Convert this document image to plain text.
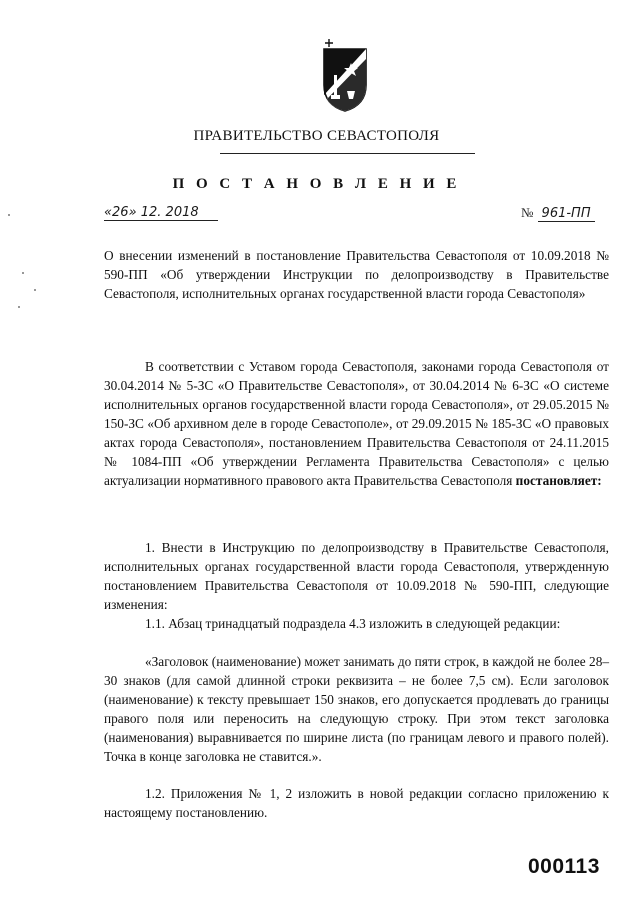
ПРАВИТЕЛЬСТВО СЕВАСТОПОЛЯ
П О С Т А Н О В Л Е Н И Е
«26» 12. 2018	№ 961-ПП
О внесении изменений в постановление Правительства Севастополя от 10.09.2018 № 590-ПП «Об утверждении Инструкции по делопроизводству в Правительстве Севастополя, исполнительных органах государственной власти города Севастополя»
В соответствии с Уставом города Севастополя, законами города Севастополя от 30.04.2014 № 5-ЗС «О Правительстве Севастополя», от 30.04.2014 № 6-ЗС «О системе исполнительных органов государственной власти города Севастополя», от 29.05.2015 № 150-ЗС «Об архивном деле в городе Севастополе», от 29.09.2015 № 185-ЗС «О правовых актах города Севастополя», постановлением Правительства Севастополя от 24.11.2015 № 1084-ПП «Об утверждении Регламента Правительства Севастополя» с целью актуализации нормативного правового акта Правительства Севастополя постановляет:
1. Внести в Инструкцию по делопроизводству в Правительстве Севастополя, исполнительных органах государственной власти города Севастополя, утвержденную постановлением Правительства Севастополя от 10.09.2018 № 590-ПП, следующие изменения:
1.1. Абзац тринадцатый подраздела 4.3 изложить в следующей редакции:
«Заголовок (наименование) может занимать до пяти строк, в каждой не более 28–30 знаков (для самой длинной строки реквизита – не более 7,5 см). Если заголовок (наименование) к тексту превышает 150 знаков, его допускается продлевать до границы правого поля или переносить на следующую строку. При этом текст заголовка (наименования) выравнивается по ширине листа (по границам левого и правого полей). Точка в конце заголовка не ставится.».
1.2. Приложения № 1, 2 изложить в новой редакции согласно приложению к настоящему постановлению.
000113
